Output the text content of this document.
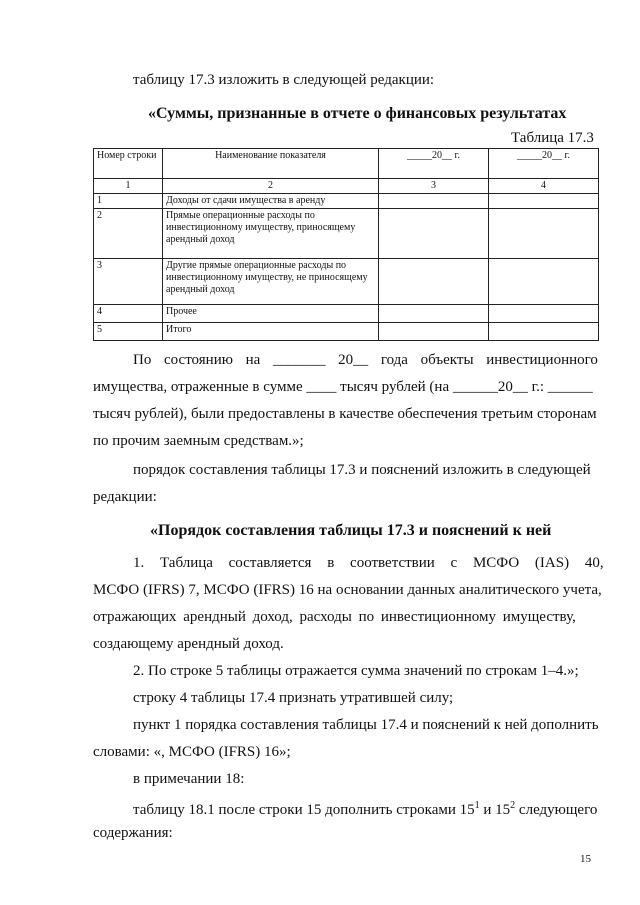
таблицу 17.3 изложить в следующей редакции:
«Суммы, признанные в отчете о финансовых результатах
Таблица 17.3
Номер строки	Наименование показателя	_____20__ г.	_____20__ г.
1	2	3	4
1	Доходы от сдачи имущества в аренду		
2	Прямые операционные расходы по инвестиционному имуществу, приносящему арендный доход		
3	Другие прямые операционные расходы по инвестиционному имуществу, не приносящему арендный доход		
4	Прочее		
5	Итого		
По состоянию на _______ 20__ года объекты инвестиционного
имущества, отраженные в сумме ____ тысяч рублей (на ______20__ г.: ______
тысяч рублей), были предоставлены в качестве обеспечения третьим сторонам
по прочим заемным средствам.»;
порядок составления таблицы 17.3 и пояснений изложить в следующей
редакции:
«Порядок составления таблицы 17.3 и пояснений к ней
1. Таблица составляется в соответствии с МСФО (IAS) 40,
МСФО (IFRS) 7, МСФО (IFRS) 16 на основании данных аналитического учета,
отражающих арендный доход, расходы по инвестиционному имуществу,
создающему арендный доход.
2. По строке 5 таблицы отражается сумма значений по строкам 1–4.»;
строку 4 таблицы 17.4 признать утратившей силу;
пункт 1 порядка составления таблицы 17.4 и пояснений к ней дополнить
словами: «, МСФО (IFRS) 16»;
в примечании 18:
таблицу 18.1 после строки 15 дополнить строками $15^1$ и $15^2$ следующего
содержания:
15
